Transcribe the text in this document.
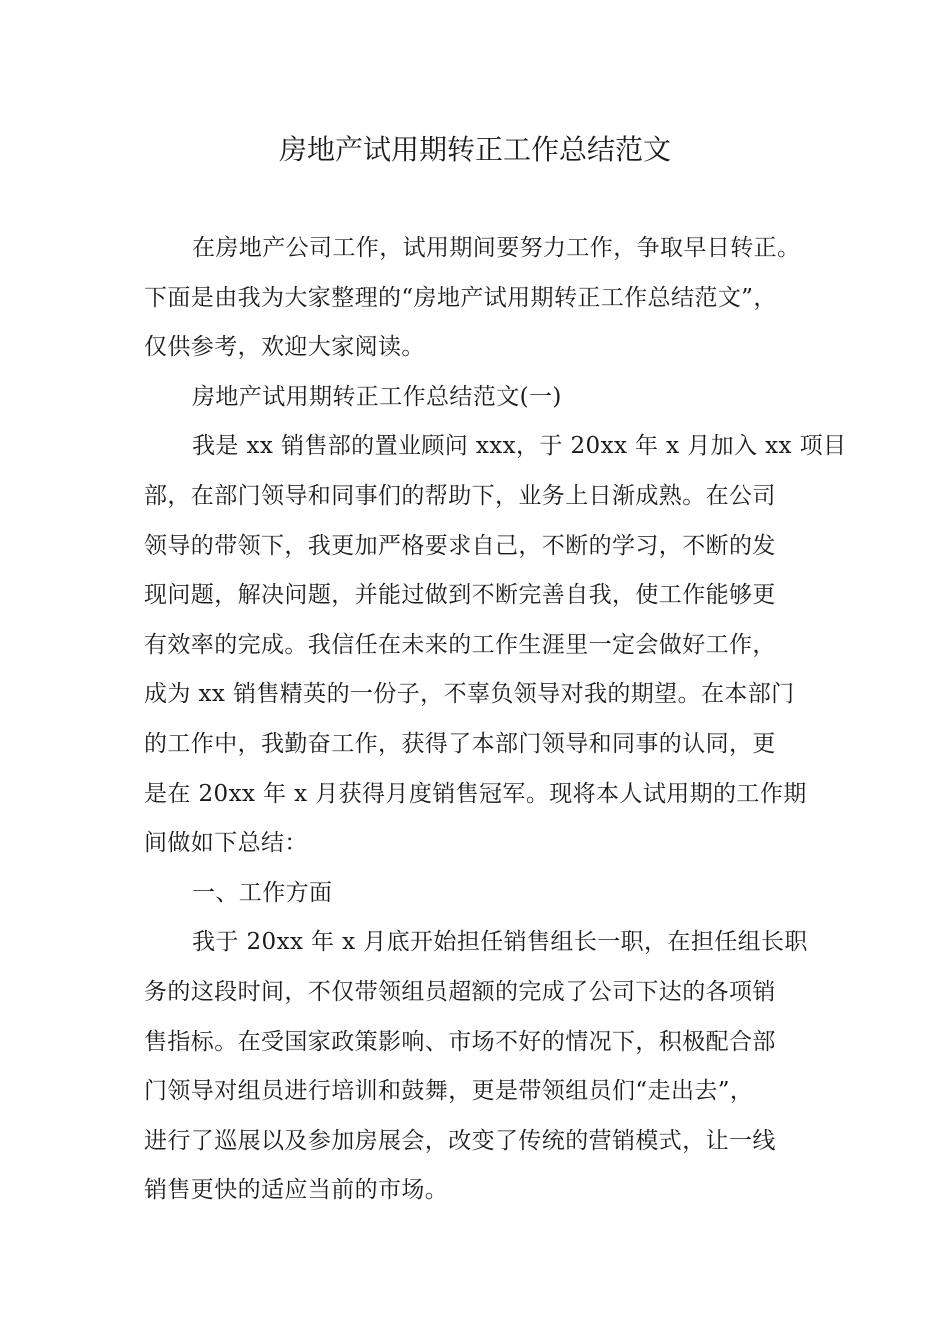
房地产试用期转正工作总结范文
在房地产公司工作，试用期间要努力工作，争取早日转正。
下面是由我为大家整理的“房地产试用期转正工作总结范文”，
仅供参考，欢迎大家阅读。
房地产试用期转正工作总结范文(一)
我是 xx 销售部的置业顾问 xxx，于 20xx 年 x 月加入 xx 项目
部，在部门领导和同事们的帮助下，业务上日渐成熟。在公司
领导的带领下，我更加严格要求自己，不断的学习，不断的发
现问题，解决问题，并能过做到不断完善自我，使工作能够更
有效率的完成。我信任在未来的工作生涯里一定会做好工作，
成为 xx 销售精英的一份子，不辜负领导对我的期望。在本部门
的工作中，我勤奋工作，获得了本部门领导和同事的认同，更
是在 20xx 年 x 月获得月度销售冠军。现将本人试用期的工作期
间做如下总结：
一、工作方面
我于 20xx 年 x 月底开始担任销售组长一职，在担任组长职
务的这段时间，不仅带领组员超额的完成了公司下达的各项销
售指标。在受国家政策影响、市场不好的情况下，积极配合部
门领导对组员进行培训和鼓舞，更是带领组员们“走出去”，
进行了巡展以及参加房展会，改变了传统的营销模式，让一线
销售更快的适应当前的市场。
